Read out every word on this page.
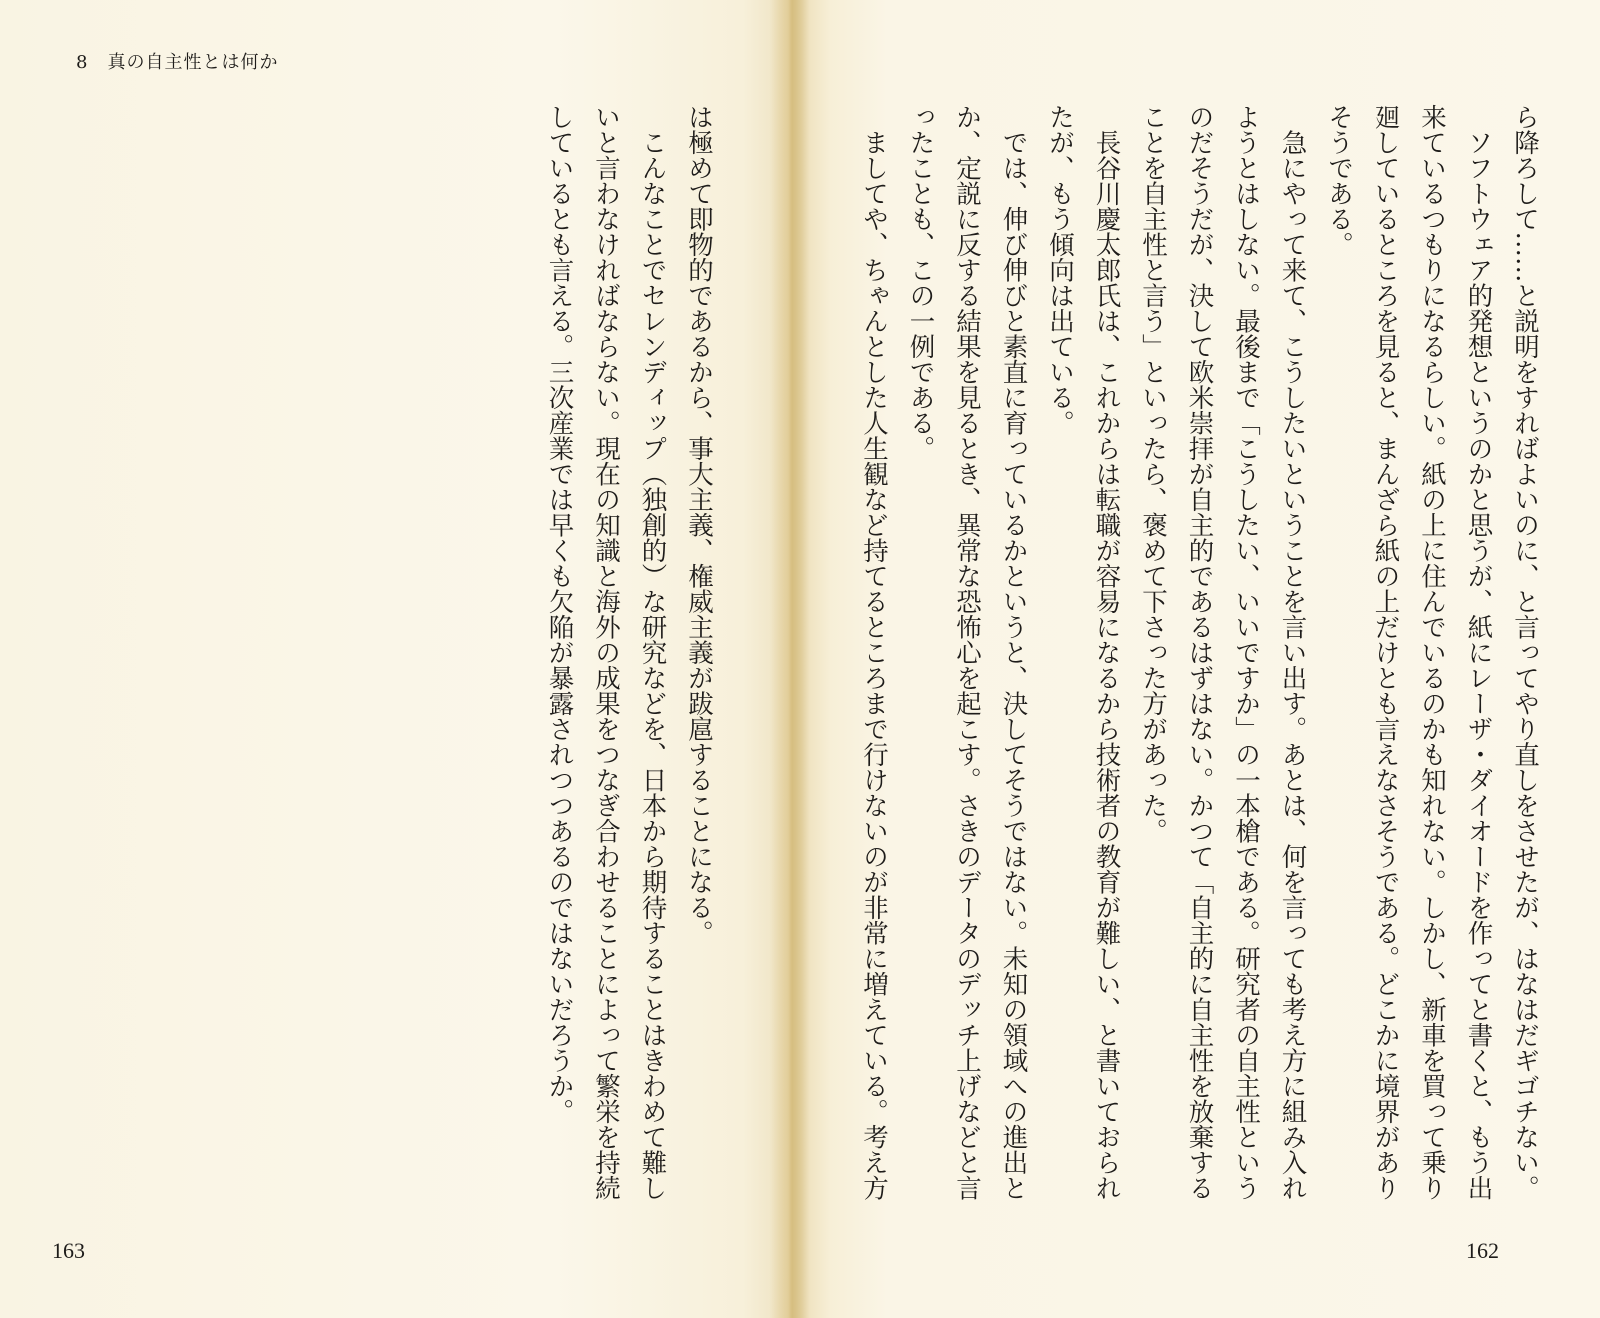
8　真の自主性とは何か
は極めて即物的であるから、事大主義、権威主義が跋扈することになる。
　こんなことでセレンディップ（独創的）な研究などを、日本から期待することはきわめて難し
いと言わなければならない。現在の知識と海外の成果をつなぎ合わせることによって繁栄を持続
しているとも言える。三次産業では早くも欠陥が暴露されつつあるのではないだろうか。
163
ら降ろして……と説明をすればよいのに、と言ってやり直しをさせたが、はなはだギゴチない。
　ソフトウェア的発想というのかと思うが、紙にレーザ・ダイオードを作ってと書くと、もう出
来ているつもりになるらしい。紙の上に住んでいるのかも知れない。しかし、新車を買って乗り
廻しているところを見ると、まんざら紙の上だけとも言えなさそうである。どこかに境界があり
そうである。
　急にやって来て、こうしたいということを言い出す。あとは、何を言っても考え方に組み入れ
ようとはしない。最後まで「こうしたい、いいですか」の一本槍である。研究者の自主性という
のだそうだが、決して欧米崇拝が自主的であるはずはない。かつて「自主的に自主性を放棄する
ことを自主性と言う」といったら、褒めて下さった方があった。
　長谷川慶太郎氏は、これからは転職が容易になるから技術者の教育が難しい、と書いておられ
たが、もう傾向は出ている。
　では、伸び伸びと素直に育っているかというと、決してそうではない。未知の領域への進出と
か、定説に反する結果を見るとき、異常な恐怖心を起こす。さきのデータのデッチ上げなどと言
ったことも、この一例である。
　ましてや、ちゃんとした人生観など持てるところまで行けないのが非常に増えている。考え方
162
